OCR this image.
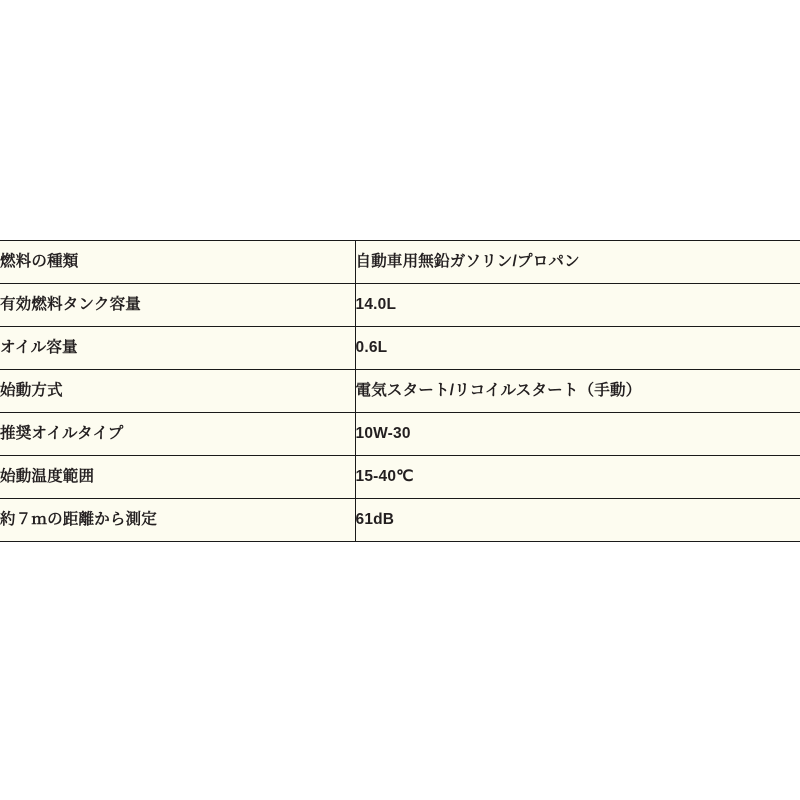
燃料の種類	自動車用無鉛ガソリン/プロパン

有効燃料タンク容量	14.0L

オイル容量	0.6L

始動方式	電気スタート/リコイルスタート（手動）

推奨オイルタイプ	10W-30

始動温度範囲	15-40℃

約７ｍの距離から測定	61dB
